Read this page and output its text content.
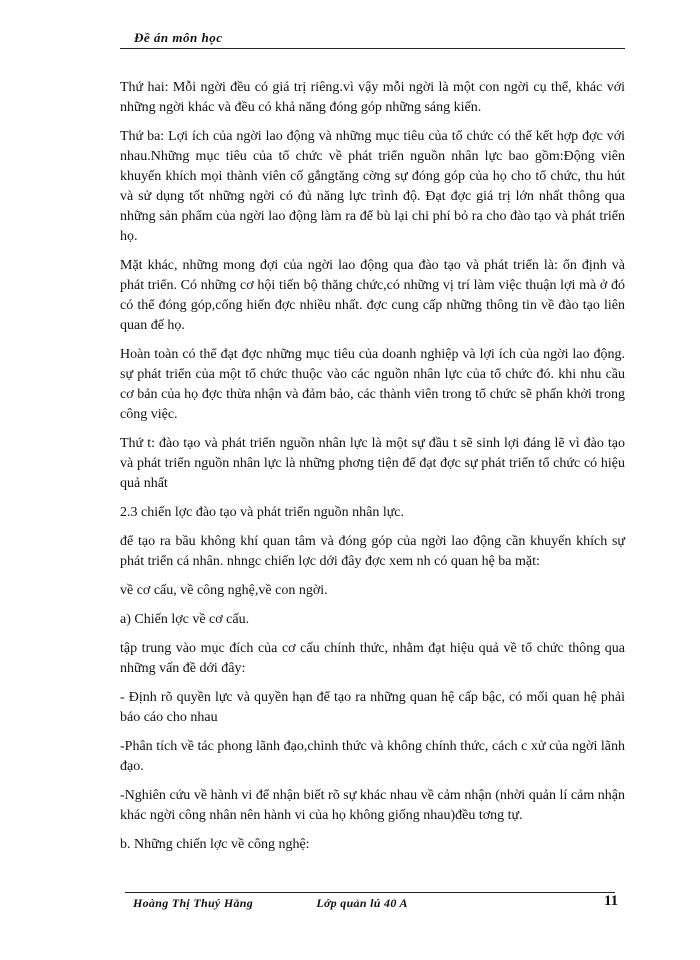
Đề án môn học

Thứ hai: Mỗi ngời đều có giá trị riêng.vì vậy mỗi ngời là một con ngời cụ thể, khác với những ngời khác và đều có khả năng đóng góp những sáng kiến.

Thứ ba: Lợi ích của ngời lao động và những mục tiêu của tổ chức có thể kết hợp đợc với nhau.Những mục tiêu của tổ chức về phát triển nguồn nhân lực bao gồm:Động viên khuyến khích mọi thành viên cố gắngtăng cờng sự đóng góp của họ cho tổ chức, thu hút và sử dụng tốt những ngời có đủ năng lực trình độ. Đạt đợc giá trị lớn nhất thông qua những sản phẩm của ngời lao động làm ra để bù lại chi phí bỏ ra cho đào tạo và phát triển họ.

Mặt khác, những mong đợi của ngời lao động qua đào tạo và phát triển là: ổn định và phát triển. Có những cơ hội tiến bộ thăng chức,có những vị trí làm việc thuận lợi mà ở đó có thể đóng góp,cống hiến đợc nhiều nhất. đợc cung cấp những thông tin về đào tạo liên quan đế họ.

Hoàn toàn có thể đạt đợc những mục tiêu của doanh nghiệp và lợi ích của ngời lao động. sự phát triển của một tổ chức thuộc vào các nguồn nhân lực của tổ chức đó. khi nhu cầu cơ bản của họ đợc thừa nhận và đảm bảo, các thành viên trong tổ chức sẽ phấn khởi trong công việc.

Thứ t: đào tạo và phát triển nguồn nhân lực là một sự đầu t sẽ sinh lợi đáng lẽ vì đào tạo và phát triển nguồn nhân lực là những phơng tiện để đạt đợc sự phát triển tổ chức có hiệu quả nhất

2.3 chiến lợc đào tạo và phát triển nguồn nhân lực.

để tạo ra bầu không khí quan tâm và đóng góp của ngời lao động cần khuyến khích sự phát triển cá nhân. nhngc chiến lợc dới đây đợc xem nh có quan hệ ba mặt:

về cơ cấu, về công nghệ,về con ngời.

a) Chiến lợc về cơ cấu.

tập trung vào mục đích của cơ cấu chính thức, nhằm đạt hiệu quả về tổ chức thông qua những vấn đề dới đây:

- Định rõ quyền lực và quyền hạn để tạo ra những quan hệ cấp bậc, có mối quan hệ phải báo cáo cho nhau

-Phân tích về tác phong lãnh đạo,chình thức và không chính thức, cách c xử của ngời lãnh đạo.

-Nghiên cứu về hành vi để nhận biết rõ sự khác nhau về cảm nhận (nhời quản lí cảm nhận khác ngời công nhân nên hành vi của họ không giống nhau)đều tơng tự.

b. Những chiến lợc về công nghệ:

Hoàng Thị Thuý Hằng	Lớp quản lú 40 A	11
